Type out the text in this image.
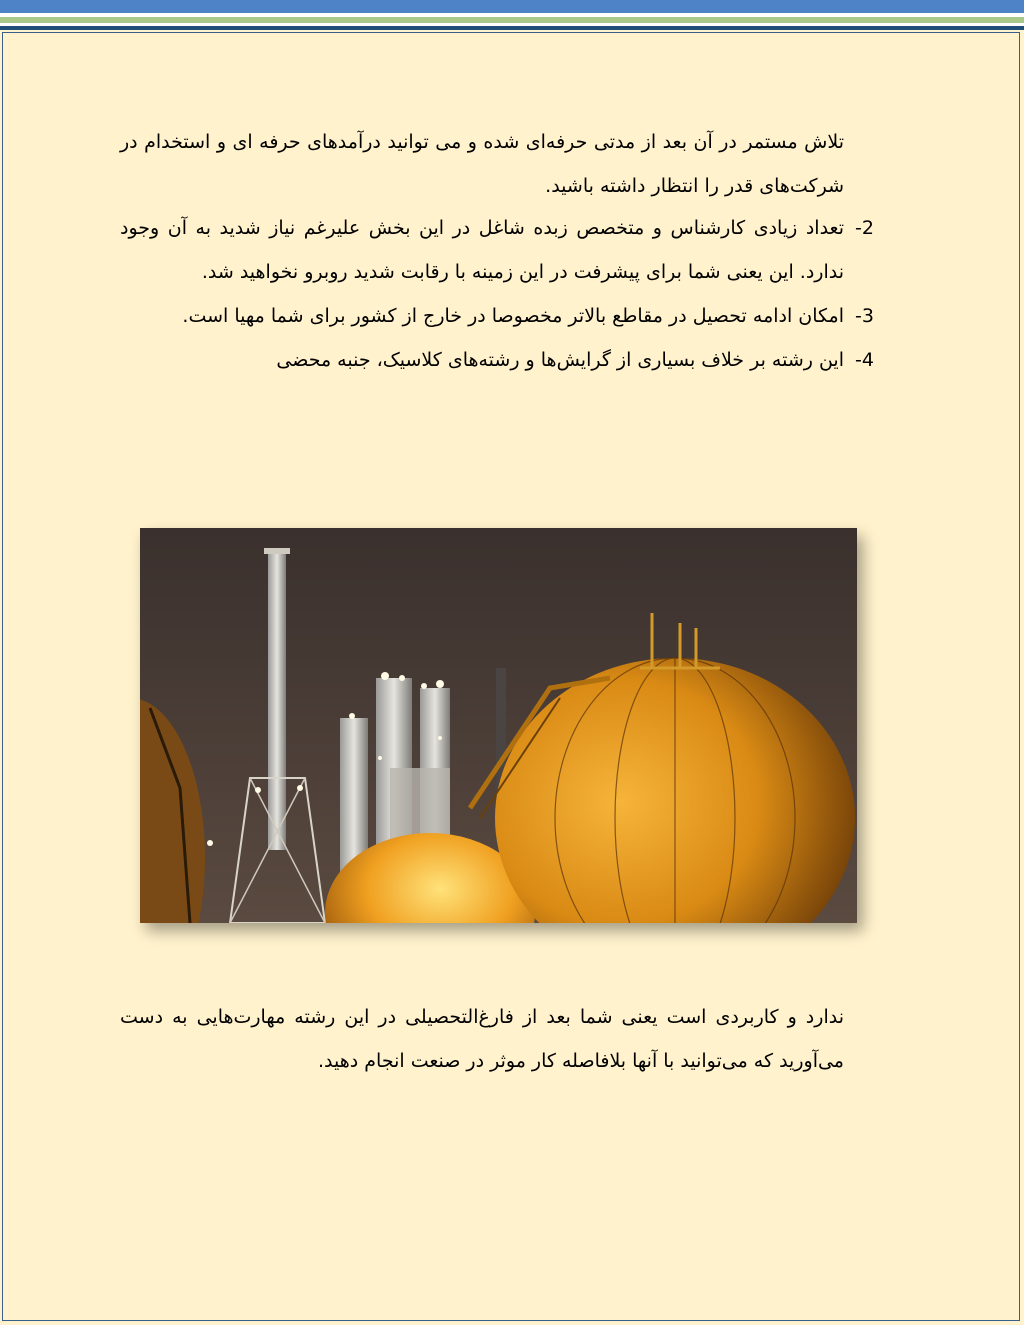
تلاش مستمر در آن بعد از مدتی حرفه‌ای شده و می توانید درآمدهای حرفه ای و استخدام در شرکت‌های قدر را انتظار داشته باشید.

-2
تعداد زیادی کارشناس و متخصص زبده شاغل در این بخش علیرغم نیاز شدید به آن وجود ندارد. این یعنی شما برای پیشرفت در این زمینه با رقابت شدید روبرو نخواهید شد.
-3
امکان ادامه تحصیل در مقاطع بالاتر مخصوصا در خارج از کشور برای شما مهیا است.
-4
این رشته بر خلاف بسیاری از گرایش‌ها و رشته‌های کلاسیک، جنبه محضی

ندارد و کاربردی است یعنی شما بعد از فارغ‌التحصیلی در این رشته مهارت‌هایی به دست می‌آورید که می‌توانید با آنها بلافاصله کار موثر در صنعت انجام دهید.
